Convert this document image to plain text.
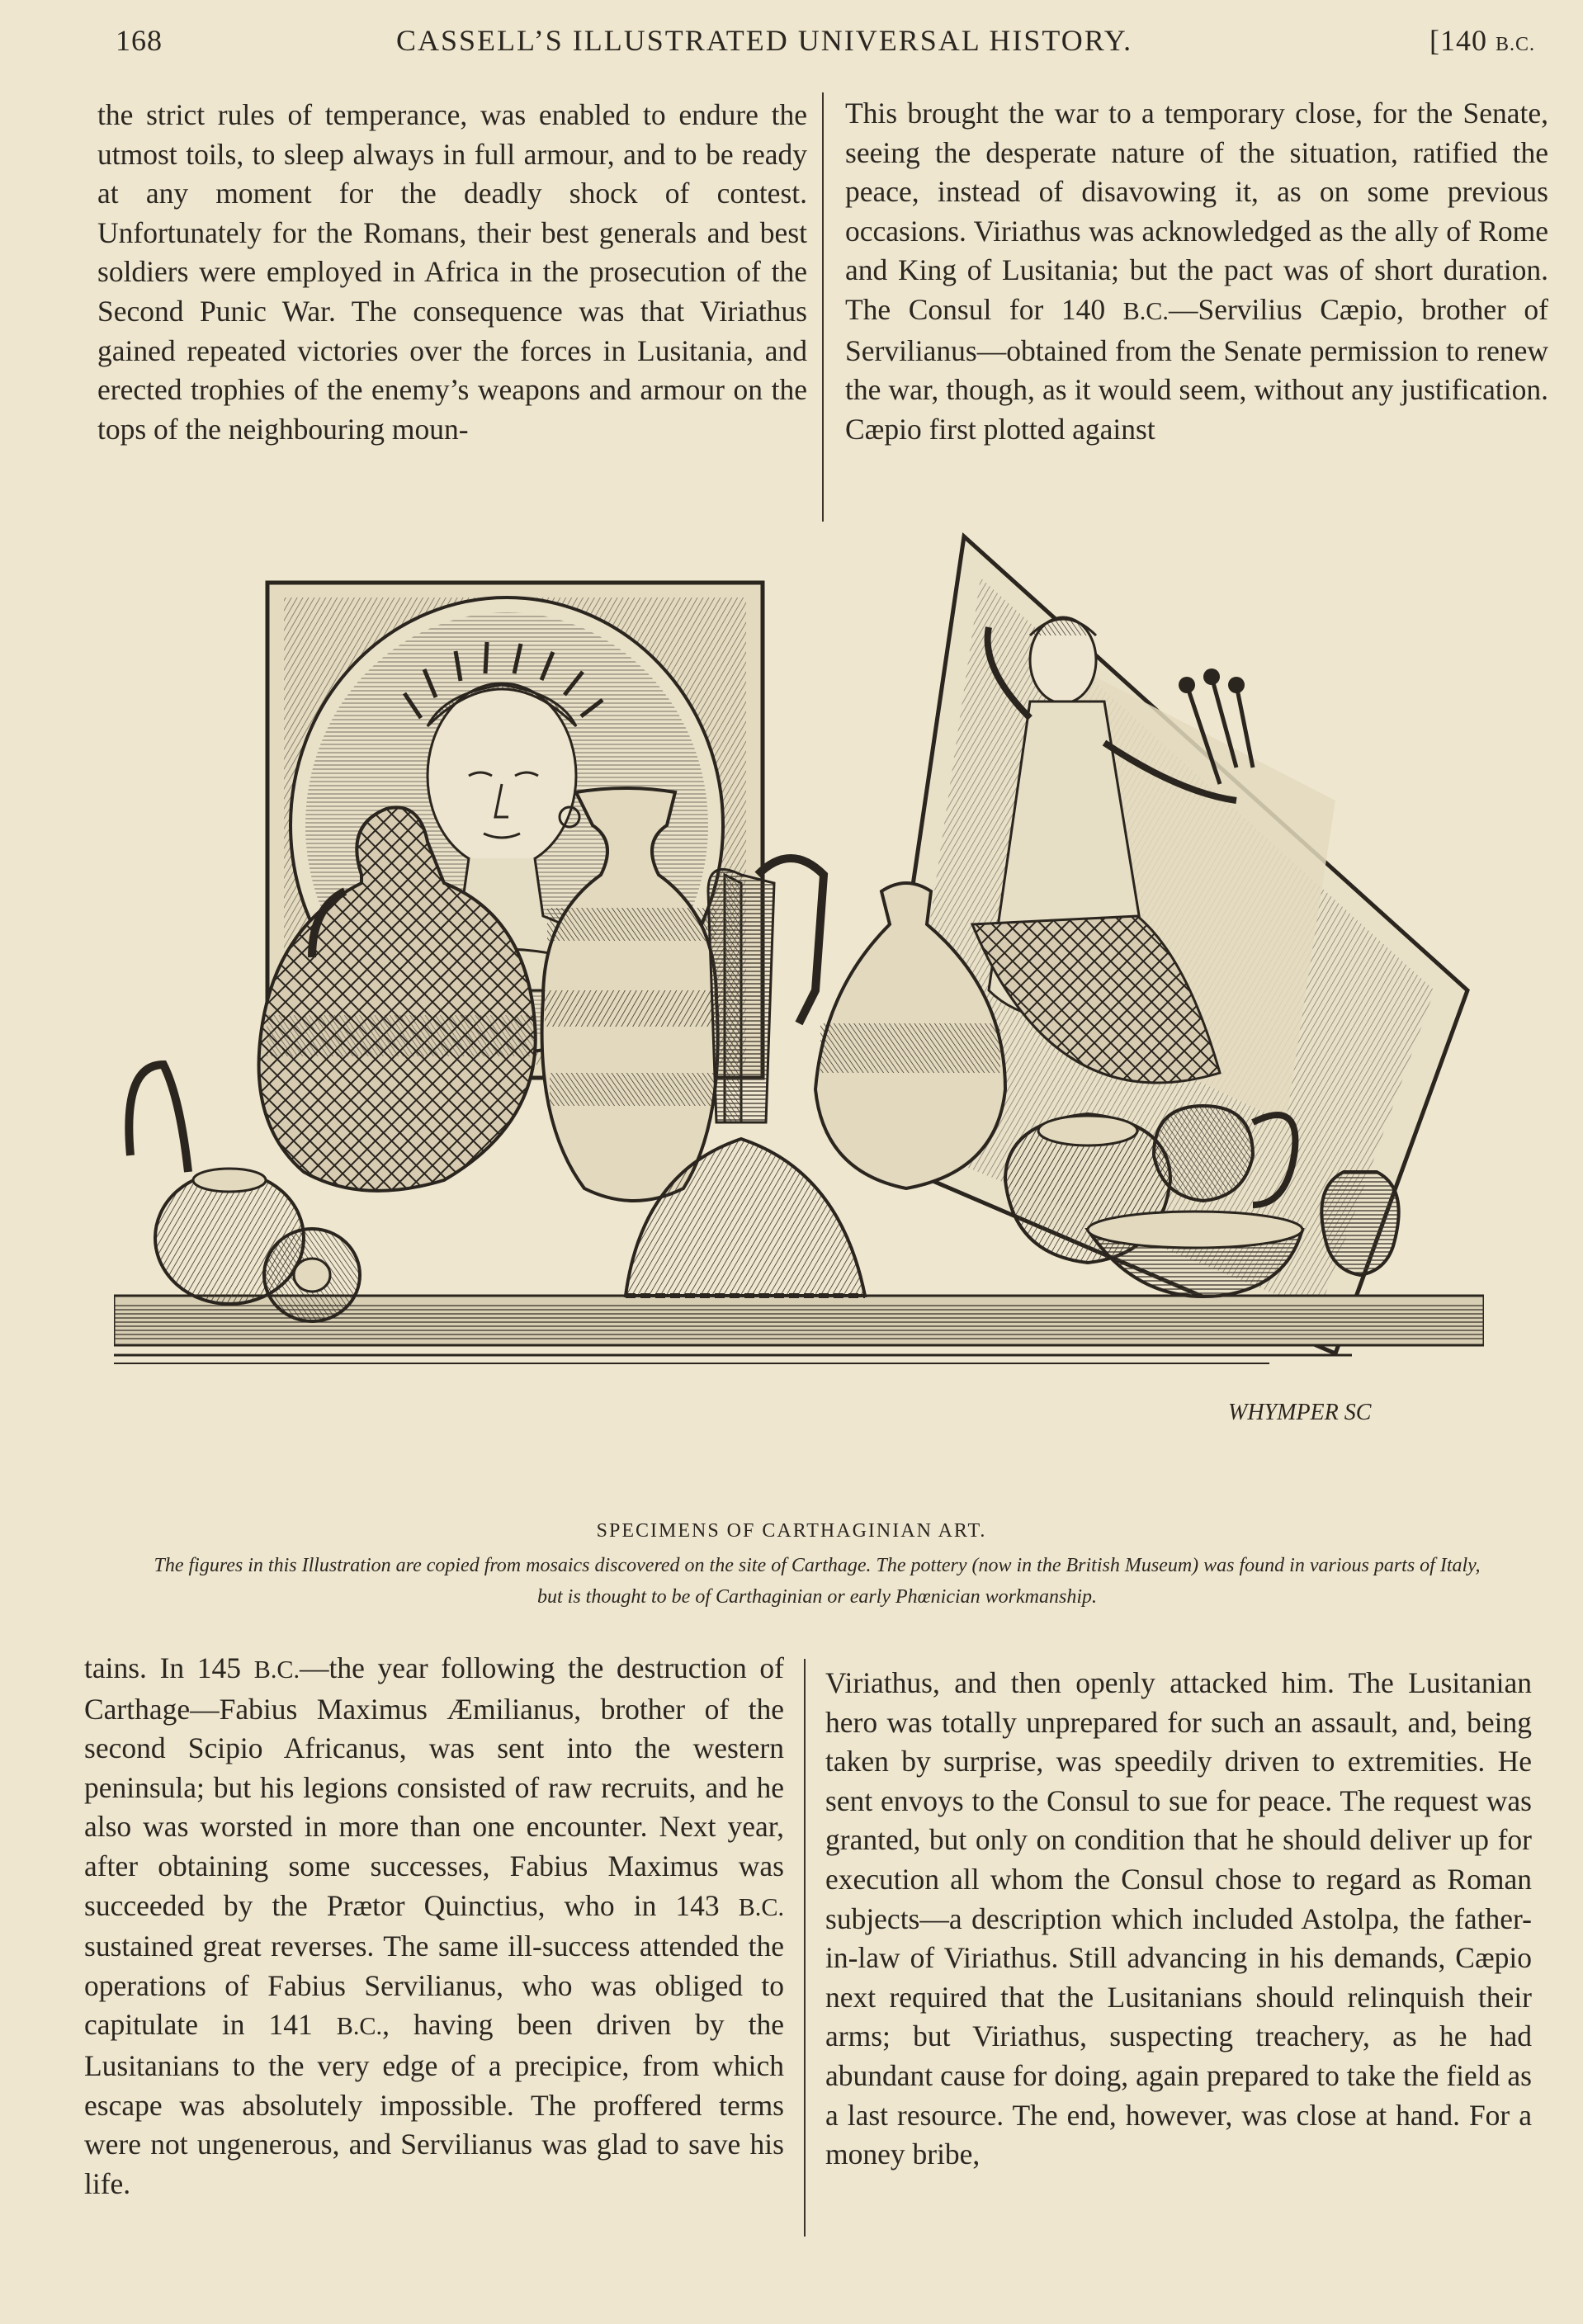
168	CASSELL’S ILLUSTRATED UNIVERSAL HISTORY.	[140 B.C.

the strict rules of temperance, was enabled to endure the utmost toils, to sleep always in full armour, and to be ready at any moment for the deadly shock of contest. Unfortunately for the Romans, their best generals and best soldiers were employed in Africa in the prosecution of the Second Punic War. The consequence was that Viriathus gained repeated victories over the forces in Lusitania, and erected trophies of the enemy’s weapons and armour on the tops of the neighbouring moun-

This brought the war to a temporary close, for the Senate, seeing the desperate nature of the situation, ratified the peace, instead of disavowing it, as on some previous occasions. Viriathus was acknowledged as the ally of Rome and King of Lusitania; but the pact was of short duration. The Consul for 140 B.C.—Servilius Cæpio, brother of Servilianus—obtained from the Senate permission to renew the war, though, as it would seem, without any justification. Cæpio first plotted against

WHYMPER SC
SPECIMENS OF CARTHAGINIAN ART.
The figures in this Illustration are copied from mosaics discovered on the site of Carthage. The pottery (now in the British Museum) was found in various parts of Italy, but is thought to be of Carthaginian or early Phœnician workmanship.

tains. In 145 B.C.—the year following the destruction of Carthage—Fabius Maximus Æmilianus, brother of the second Scipio Africanus, was sent into the western peninsula; but his legions consisted of raw recruits, and he also was worsted in more than one encounter. Next year, after obtaining some successes, Fabius Maximus was succeeded by the Prætor Quinctius, who in 143 B.C. sustained great reverses. The same ill-success attended the operations of Fabius Servilianus, who was obliged to capitulate in 141 B.C., having been driven by the Lusitanians to the very edge of a precipice, from which escape was absolutely impossible. The proffered terms were not ungenerous, and Servilianus was glad to save his life.

Viriathus, and then openly attacked him. The Lusitanian hero was totally unprepared for such an assault, and, being taken by surprise, was speedily driven to extremities. He sent envoys to the Consul to sue for peace. The request was granted, but only on condition that he should deliver up for execution all whom the Consul chose to regard as Roman subjects—a description which included Astolpa, the father-in-law of Viriathus. Still advancing in his demands, Cæpio next required that the Lusitanians should relinquish their arms; but Viriathus, suspecting treachery, as he had abundant cause for doing, again prepared to take the field as a last resource. The end, however, was close at hand. For a money bribe,
